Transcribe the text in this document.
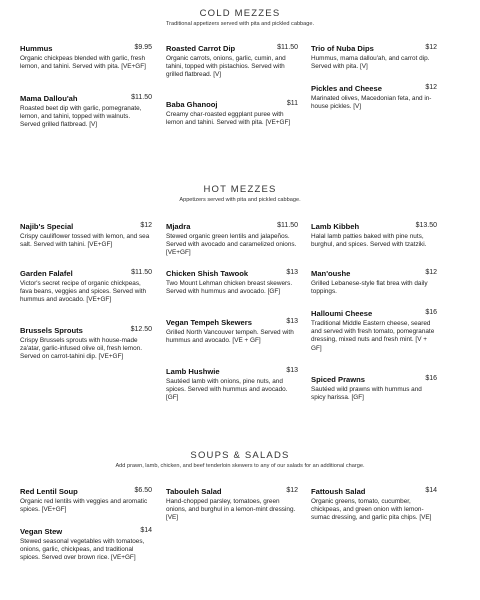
COLD MEZZES
Traditional appetizers served with pita and pickled cabbage.
Hummus	$9.95
Organic chickpeas blended with garlic, fresh lemon, and tahini. Served with pita. [VE+GF]
Mama Dallou'ah	$11.50
Roasted beet dip with garlic, pomegranate, lemon, and tahini, topped with walnuts. Served grilled flatbread. [V]
Roasted Carrot Dip	$11.50
Organic carrots, onions, garlic, cumin, and tahini, topped with pistachios. Served with grilled flatbread. [V]
Baba Ghanooj	$11
Creamy char-roasted eggplant puree with lemon and tahini. Served with pita. [VE+GF]
Trio of Nuba Dips	$12
Hummus, mama dallou'ah, and carrot dip. Served with pita. [V]
Pickles and Cheese	$12
Marinated olives, Macedonian feta, and in-house pickles. [V]
HOT MEZZES
Appetizers served with pita and pickled cabbage.
Najib's Special	$12
Crispy cauliflower tossed with lemon, and sea salt. Served with tahini. [VE+GF]
Garden Falafel	$11.50
Victor's secret recipe of organic chickpeas, fava beans, veggies and spices. Served with hummus and avocado. [VE+GF]
Brussels Sprouts	$12.50
Crispy Brussels sprouts with house-made za'atar, garlic-infused olive oil, fresh lemon. Served on carrot-tahini dip. [VE+GF]
Mjadra	$11.50
Stewed organic green lentils and jalapeños. Served with avocado and caramelized onions. [VE+GF]
Chicken Shish Tawook	$13
Two Mount Lehman chicken breast skewers. Served with hummus and avocado. [GF]
Vegan Tempeh Skewers	$13
Grilled North Vancouver tempeh. Served with hummus and avocado. [VE + GF]
Lamb Hushwie	$13
Sautéed lamb with onions, pine nuts, and spices. Served with hummus and avocado. [GF]
Lamb Kibbeh	$13.50
Halal lamb patties baked with pine nuts, burghul, and spices. Served with tzatziki.
Man'oushe	$12
Grilled Lebanese-style flat brea with daily toppings.
Halloumi Cheese	$16
Traditional Middle Eastern cheese, seared and served with fresh tomato, pomegranate dressing, mixed nuts and fresh mint. [V + GF]
Spiced Prawns	$16
Sautéed wild prawns with hummus and spicy harissa. [GF]
SOUPS & SALADS
Add prawn, lamb, chicken, and beef tenderloin skewers to any of our salads for an additional charge.
Red Lentil Soup	$6.50
Organic red lentils with veggies and aromatic spices. [VE+GF]
Vegan Stew	$14
Stewed seasonal vegetables with tomatoes, onions, garlic, chickpeas, and traditional spices. Served over brown rice. [VE+GF]
Tabouleh Salad	$12
Hand-chopped parsley, tomatoes, green onions, and burghul in a lemon-mint dressing. [VE]
Fattoush Salad	$14
Organic greens, tomato, cucumber, chickpeas, and green onion with lemon-sumac dressing, and garlic pita chips. [VE]
